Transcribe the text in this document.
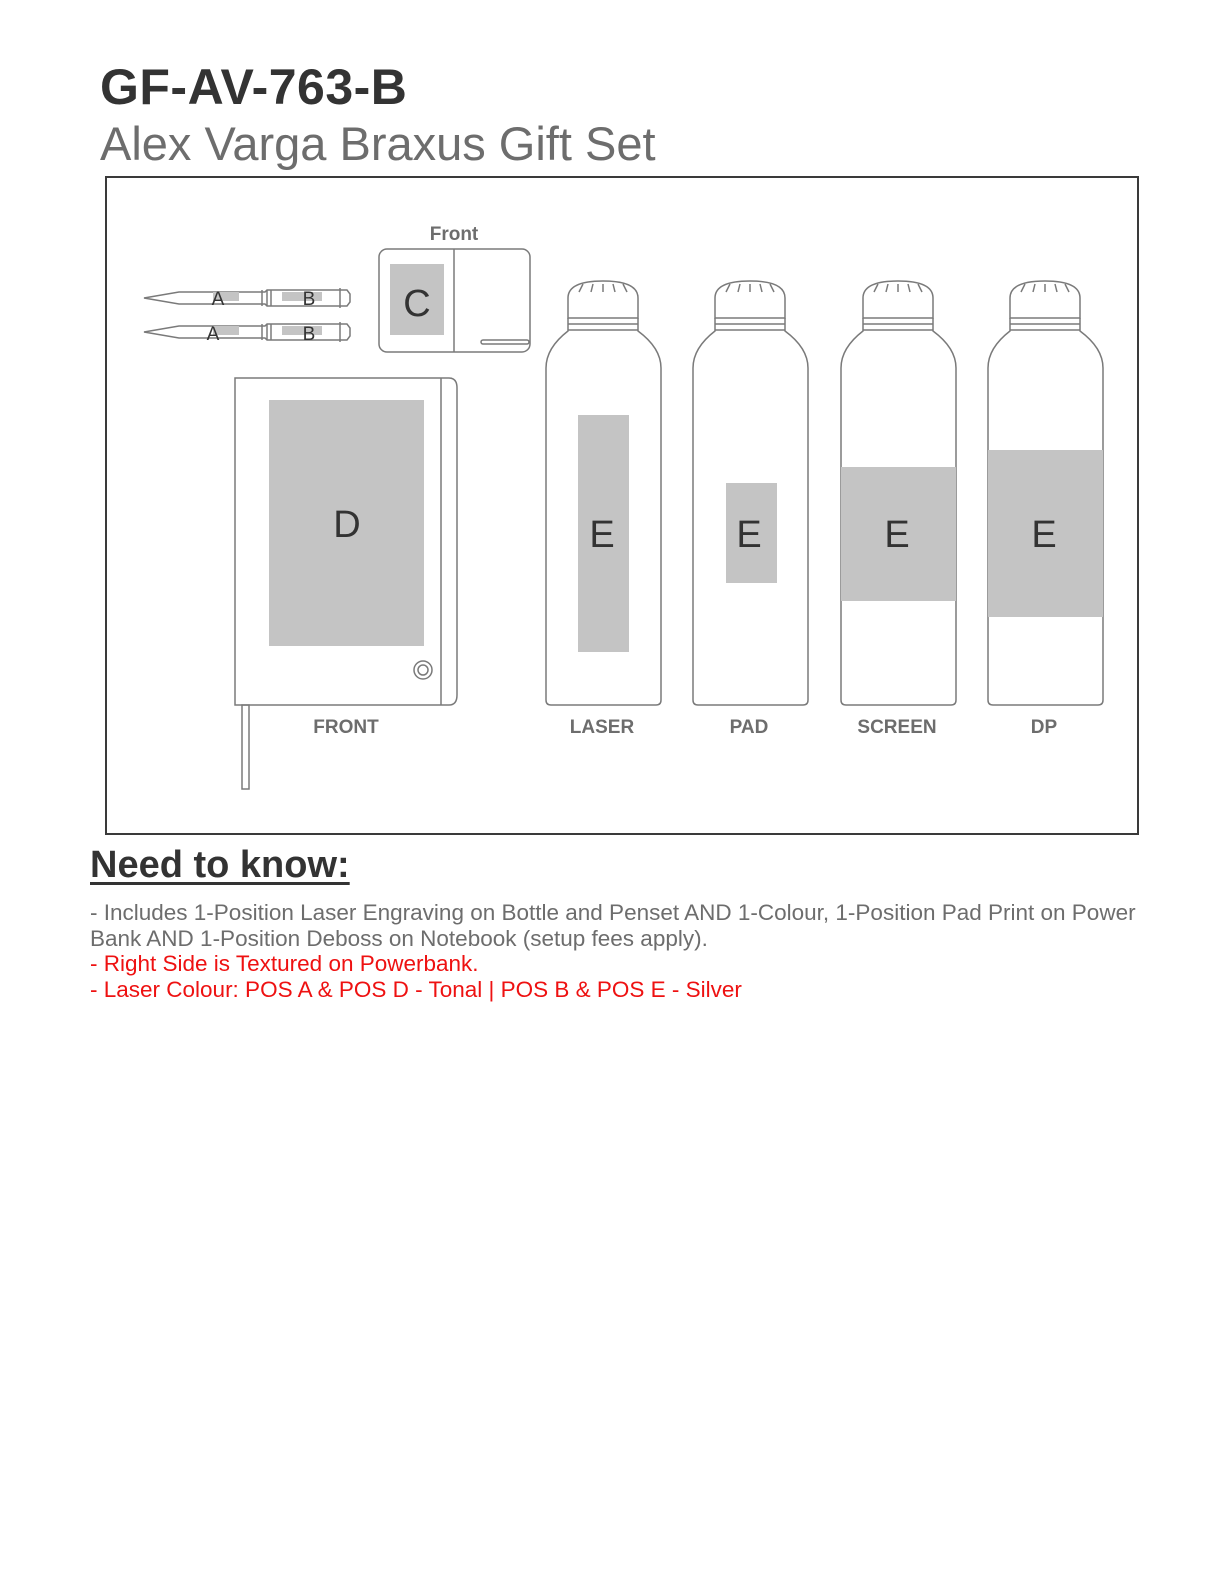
GF-AV-763-B
Alex Varga Braxus Gift Set
Front
A	B
A	B
C
D
FRONT
E
LASER
E
PAD
E
SCREEN
E
DP
Need to know:
- Includes 1-Position Laser Engraving on Bottle and Penset AND 1-Colour, 1-Position Pad Print on Power Bank AND 1-Position Deboss on Notebook (setup fees apply).
- Right Side is Textured on Powerbank.
- Laser Colour: POS A & POS D - Tonal | POS B & POS E - Silver
